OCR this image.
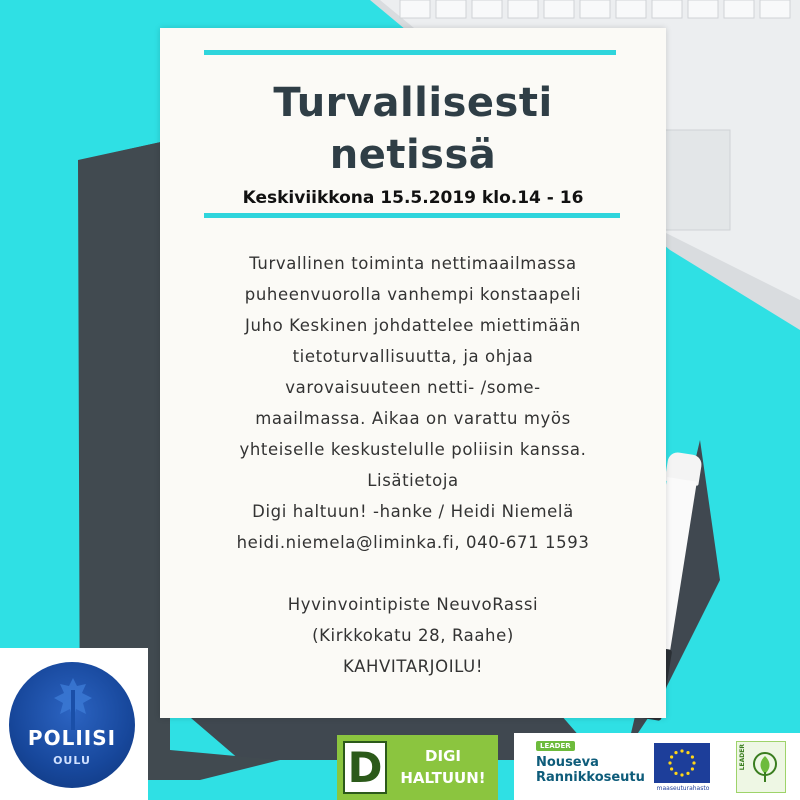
Turvallisesti
netissä
Keskiviikkona 15.5.2019 klo.14 - 16
Turvallinen toiminta nettimaailmassa
puheenvuorolla vanhempi konstaapeli
Juho Keskinen johdattelee miettimään
tietoturvallisuutta, ja ohjaa
varovaisuuteen netti- /some-
maailmassa. Aikaa on varattu myös
yhteiselle keskustelulle poliisin kanssa.
Lisätietoja
Digi haltuun! -hanke / Heidi Niemelä
heidi.niemela@liminka.fi, 040-671 1593
Hyvinvointipiste NeuvoRassi
(Kirkkokatu 28, Raahe)
KAHVITARJOILU!
POLIISI
OULU	D	DIGI
HALTUUN!
LEADER
Nouseva
Rannikkoseutu
maaseuturahasto
LEADER
